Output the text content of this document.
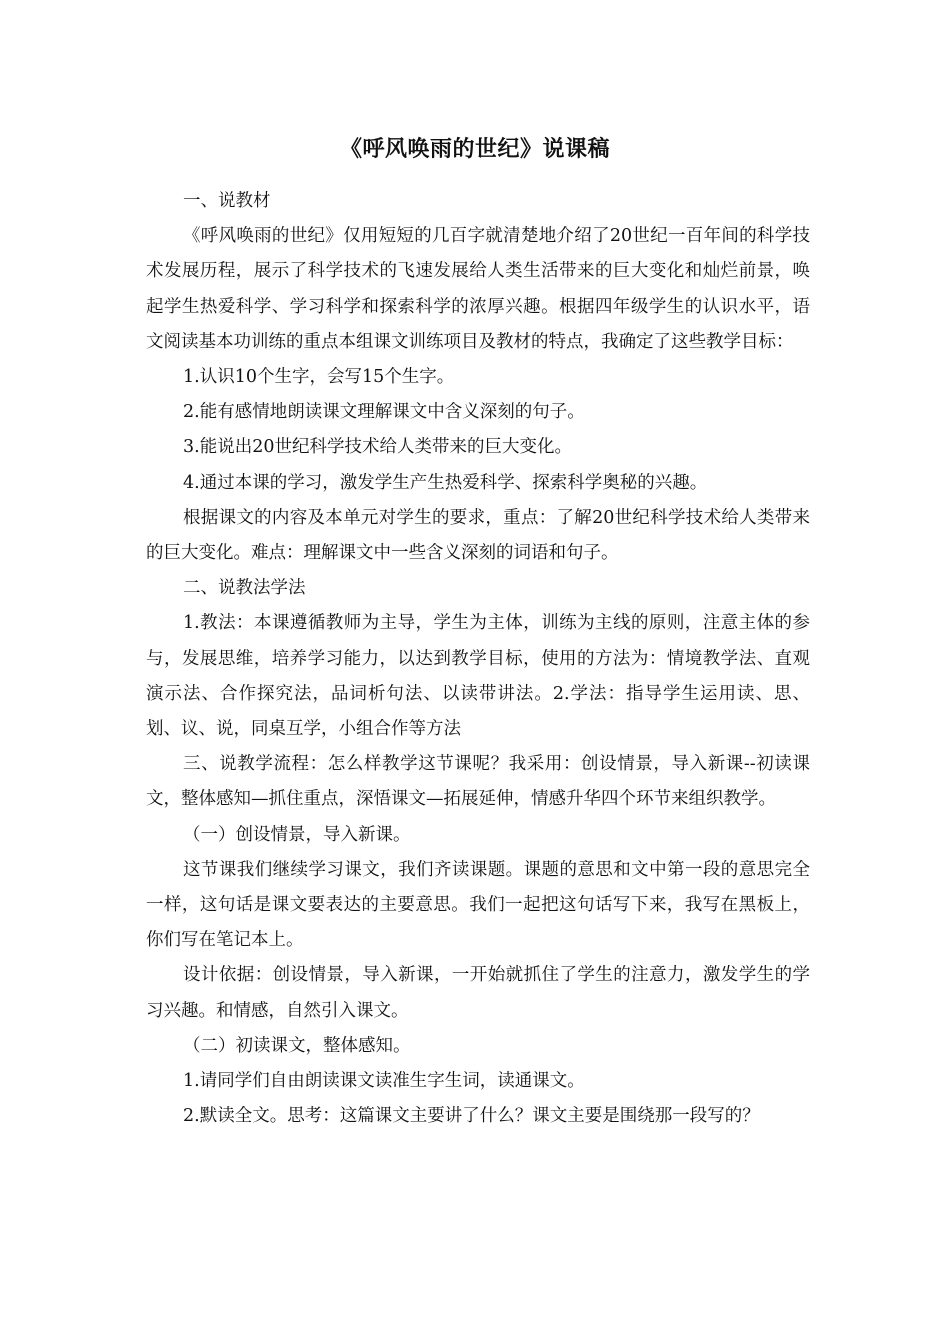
《呼风唤雨的世纪》说课稿

一、说教材

《呼风唤雨的世纪》仅用短短的几百字就清楚地介绍了20世纪一百年间的科学技术发展历程，展示了科学技术的飞速发展给人类生活带来的巨大变化和灿烂前景，唤起学生热爱科学、学习科学和探索科学的浓厚兴趣。根据四年级学生的认识水平，语文阅读基本功训练的重点本组课文训练项目及教材的特点，我确定了这些教学目标：

1.认识10个生字，会写15个生字。

2.能有感情地朗读课文理解课文中含义深刻的句子。

3.能说出20世纪科学技术给人类带来的巨大变化。

4.通过本课的学习，激发学生产生热爱科学、探索科学奥秘的兴趣。

根据课文的内容及本单元对学生的要求，重点：了解20世纪科学技术给人类带来的巨大变化。难点：理解课文中一些含义深刻的词语和句子。

二、说教法学法

1.教法：本课遵循教师为主导，学生为主体，训练为主线的原则，注意主体的参与，发展思维，培养学习能力，以达到教学目标，使用的方法为：情境教学法、直观演示法、合作探究法，品词析句法、以读带讲法。2.学法：指导学生运用读、思、划、议、说，同桌互学，小组合作等方法

三、说教学流程：怎么样教学这节课呢？我采用：创设情景，导入新课--初读课文，整体感知—抓住重点，深悟课文—拓展延伸，情感升华四个环节来组织教学。

（一）创设情景，导入新课。

这节课我们继续学习课文，我们齐读课题。课题的意思和文中第一段的意思完全一样，这句话是课文要表达的主要意思。我们一起把这句话写下来，我写在黑板上，你们写在笔记本上。

设计依据：创设情景，导入新课，一开始就抓住了学生的注意力，激发学生的学习兴趣。和情感，自然引入课文。

（二）初读课文，整体感知。

1.请同学们自由朗读课文读准生字生词，读通课文。

2.默读全文。思考：这篇课文主要讲了什么？课文主要是围绕那一段写的？
